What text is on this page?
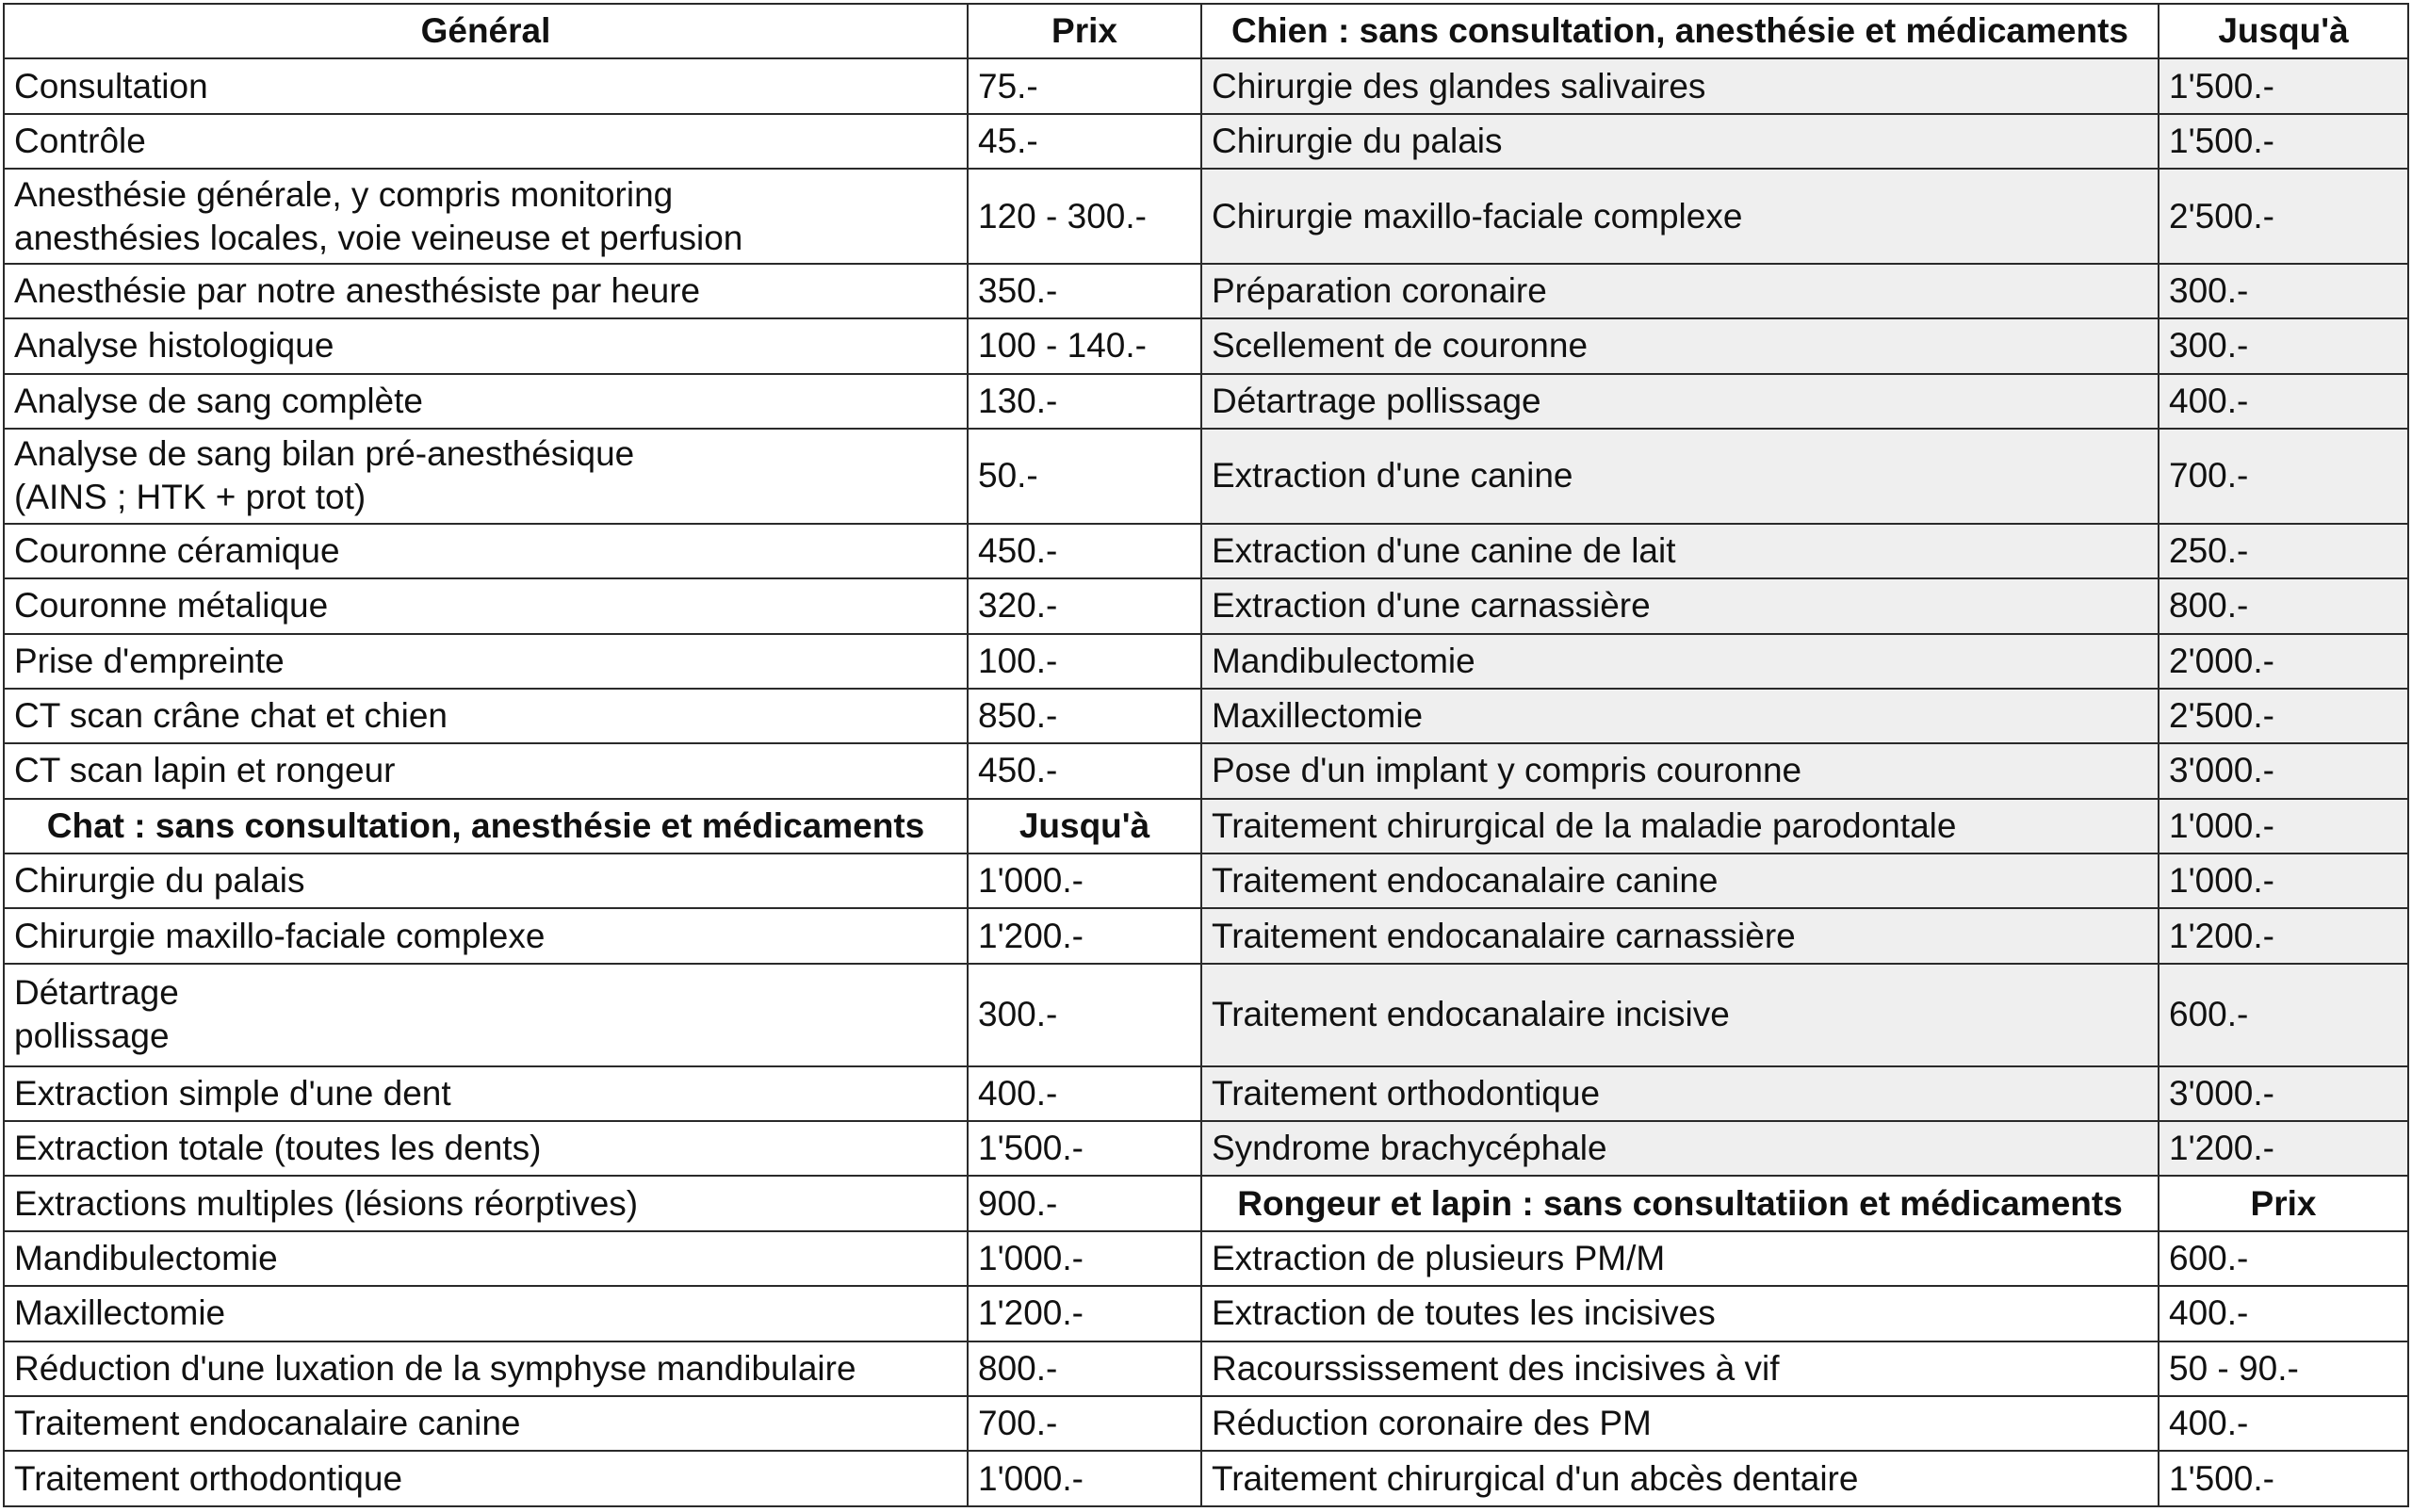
Général	Prix	Chien : sans consultation, anesthésie et médicaments	Jusqu'à
Consultation	75.-	Chirurgie des glandes salivaires	1'500.-
Contrôle	45.-	Chirurgie du palais	1'500.-
Anesthésie générale, y compris monitoring
anesthésies locales, voie veineuse et perfusion	120 - 300.-	Chirurgie maxillo-faciale complexe	2'500.-
Anesthésie par notre anesthésiste par heure	350.-	Préparation coronaire	300.-
Analyse histologique	100 - 140.-	Scellement de couronne	300.-
Analyse de sang complète	130.-	Détartrage pollissage	400.-
Analyse de sang bilan pré-anesthésique
(AINS ; HTK + prot tot)	50.-	Extraction d'une canine	700.-
Couronne céramique	450.-	Extraction d'une canine de lait	250.-
Couronne métalique	320.-	Extraction d'une carnassière	800.-
Prise d'empreinte	100.-	Mandibulectomie	2'000.-
CT scan crâne chat et chien	850.-	Maxillectomie	2'500.-
CT scan lapin et rongeur	450.-	Pose d'un implant y compris couronne	3'000.-
Chat : sans consultation, anesthésie et médicaments	Jusqu'à	Traitement chirurgical de la maladie parodontale	1'000.-
Chirurgie du palais	1'000.-	Traitement endocanalaire canine	1'000.-
Chirurgie maxillo-faciale complexe	1'200.-	Traitement endocanalaire carnassière	1'200.-
Détartrage
pollissage	300.-	Traitement endocanalaire incisive	600.-
Extraction simple d'une dent	400.-	Traitement orthodontique	3'000.-
Extraction totale (toutes les dents)	1'500.-	Syndrome brachycéphale	1'200.-
Extractions multiples (lésions réorptives)	900.-	Rongeur et lapin : sans consultatiion et médicaments	Prix
Mandibulectomie	1'000.-	Extraction de plusieurs PM/M	600.-
Maxillectomie	1'200.-	Extraction de toutes les incisives	400.-
Réduction d'une luxation de la symphyse mandibulaire	800.-	Racourssissement des incisives à vif	50 - 90.-
Traitement endocanalaire canine	700.-	Réduction coronaire des PM	400.-
Traitement orthodontique	1'000.-	Traitement chirurgical d'un abcès dentaire	1'500.-
